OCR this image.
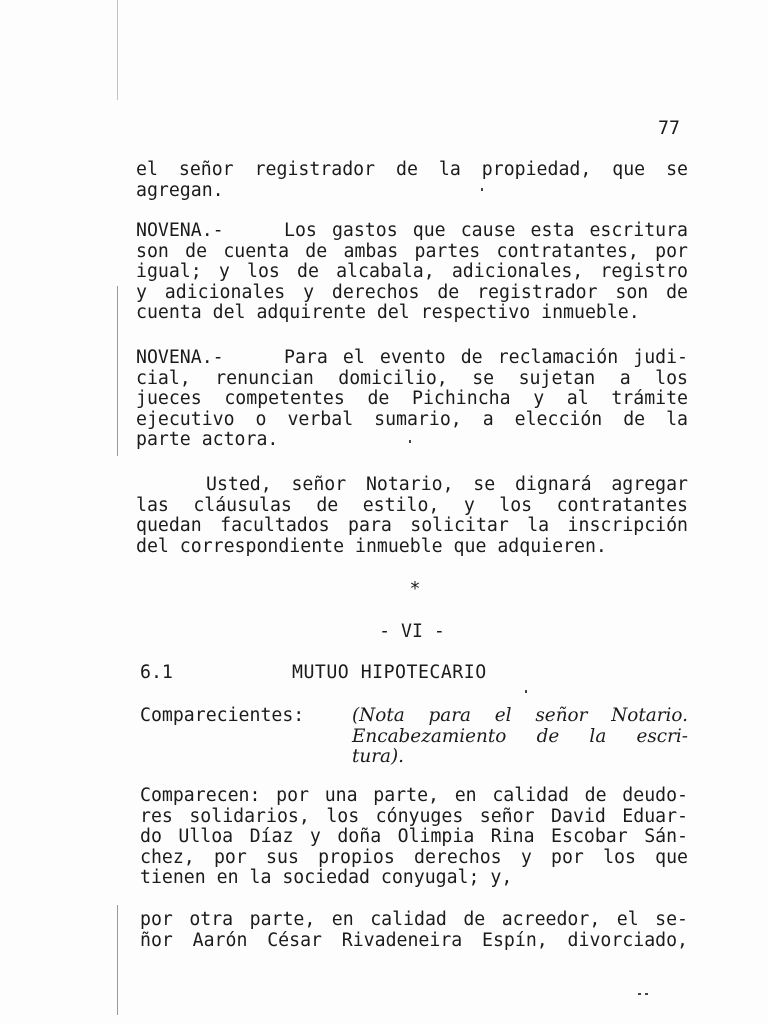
77
el señor registrador de la propiedad, que se
agregan.
NOVENA.-    Los gastos que cause esta escritura
son de cuenta de ambas partes contratantes, por
igual; y los de alcabala, adicionales, registro
y adicionales y derechos de registrador son de
cuenta del adquirente del respectivo inmueble.
NOVENA.-    Para el evento de reclamación judi-
cial, renuncian domicilio, se sujetan a los
jueces competentes de Pichincha y al trámite
ejecutivo o verbal sumario, a elección de la
parte actora.
Usted, señor Notario, se dignará agregar
las cláusulas de estilo, y los contratantes
quedan facultados para solicitar la inscripción
del correspondiente inmueble que adquieren.
*
- VI -
6.1	MUTUO HIPOTECARIO
Comparecientes:	(Nota para el señor Notario.
Encabezamiento de la escri-
tura).
Comparecen: por una parte, en calidad de deudo-
res solidarios, los cónyuges señor David Eduar-
do Ulloa Díaz y doña Olimpia Rina Escobar Sán-
chez, por sus propios derechos y por los que
tienen en la sociedad conyugal; y,
por otra parte, en calidad de acreedor, el se-
ñor Aarón César Rivadeneira Espín, divorciado,
